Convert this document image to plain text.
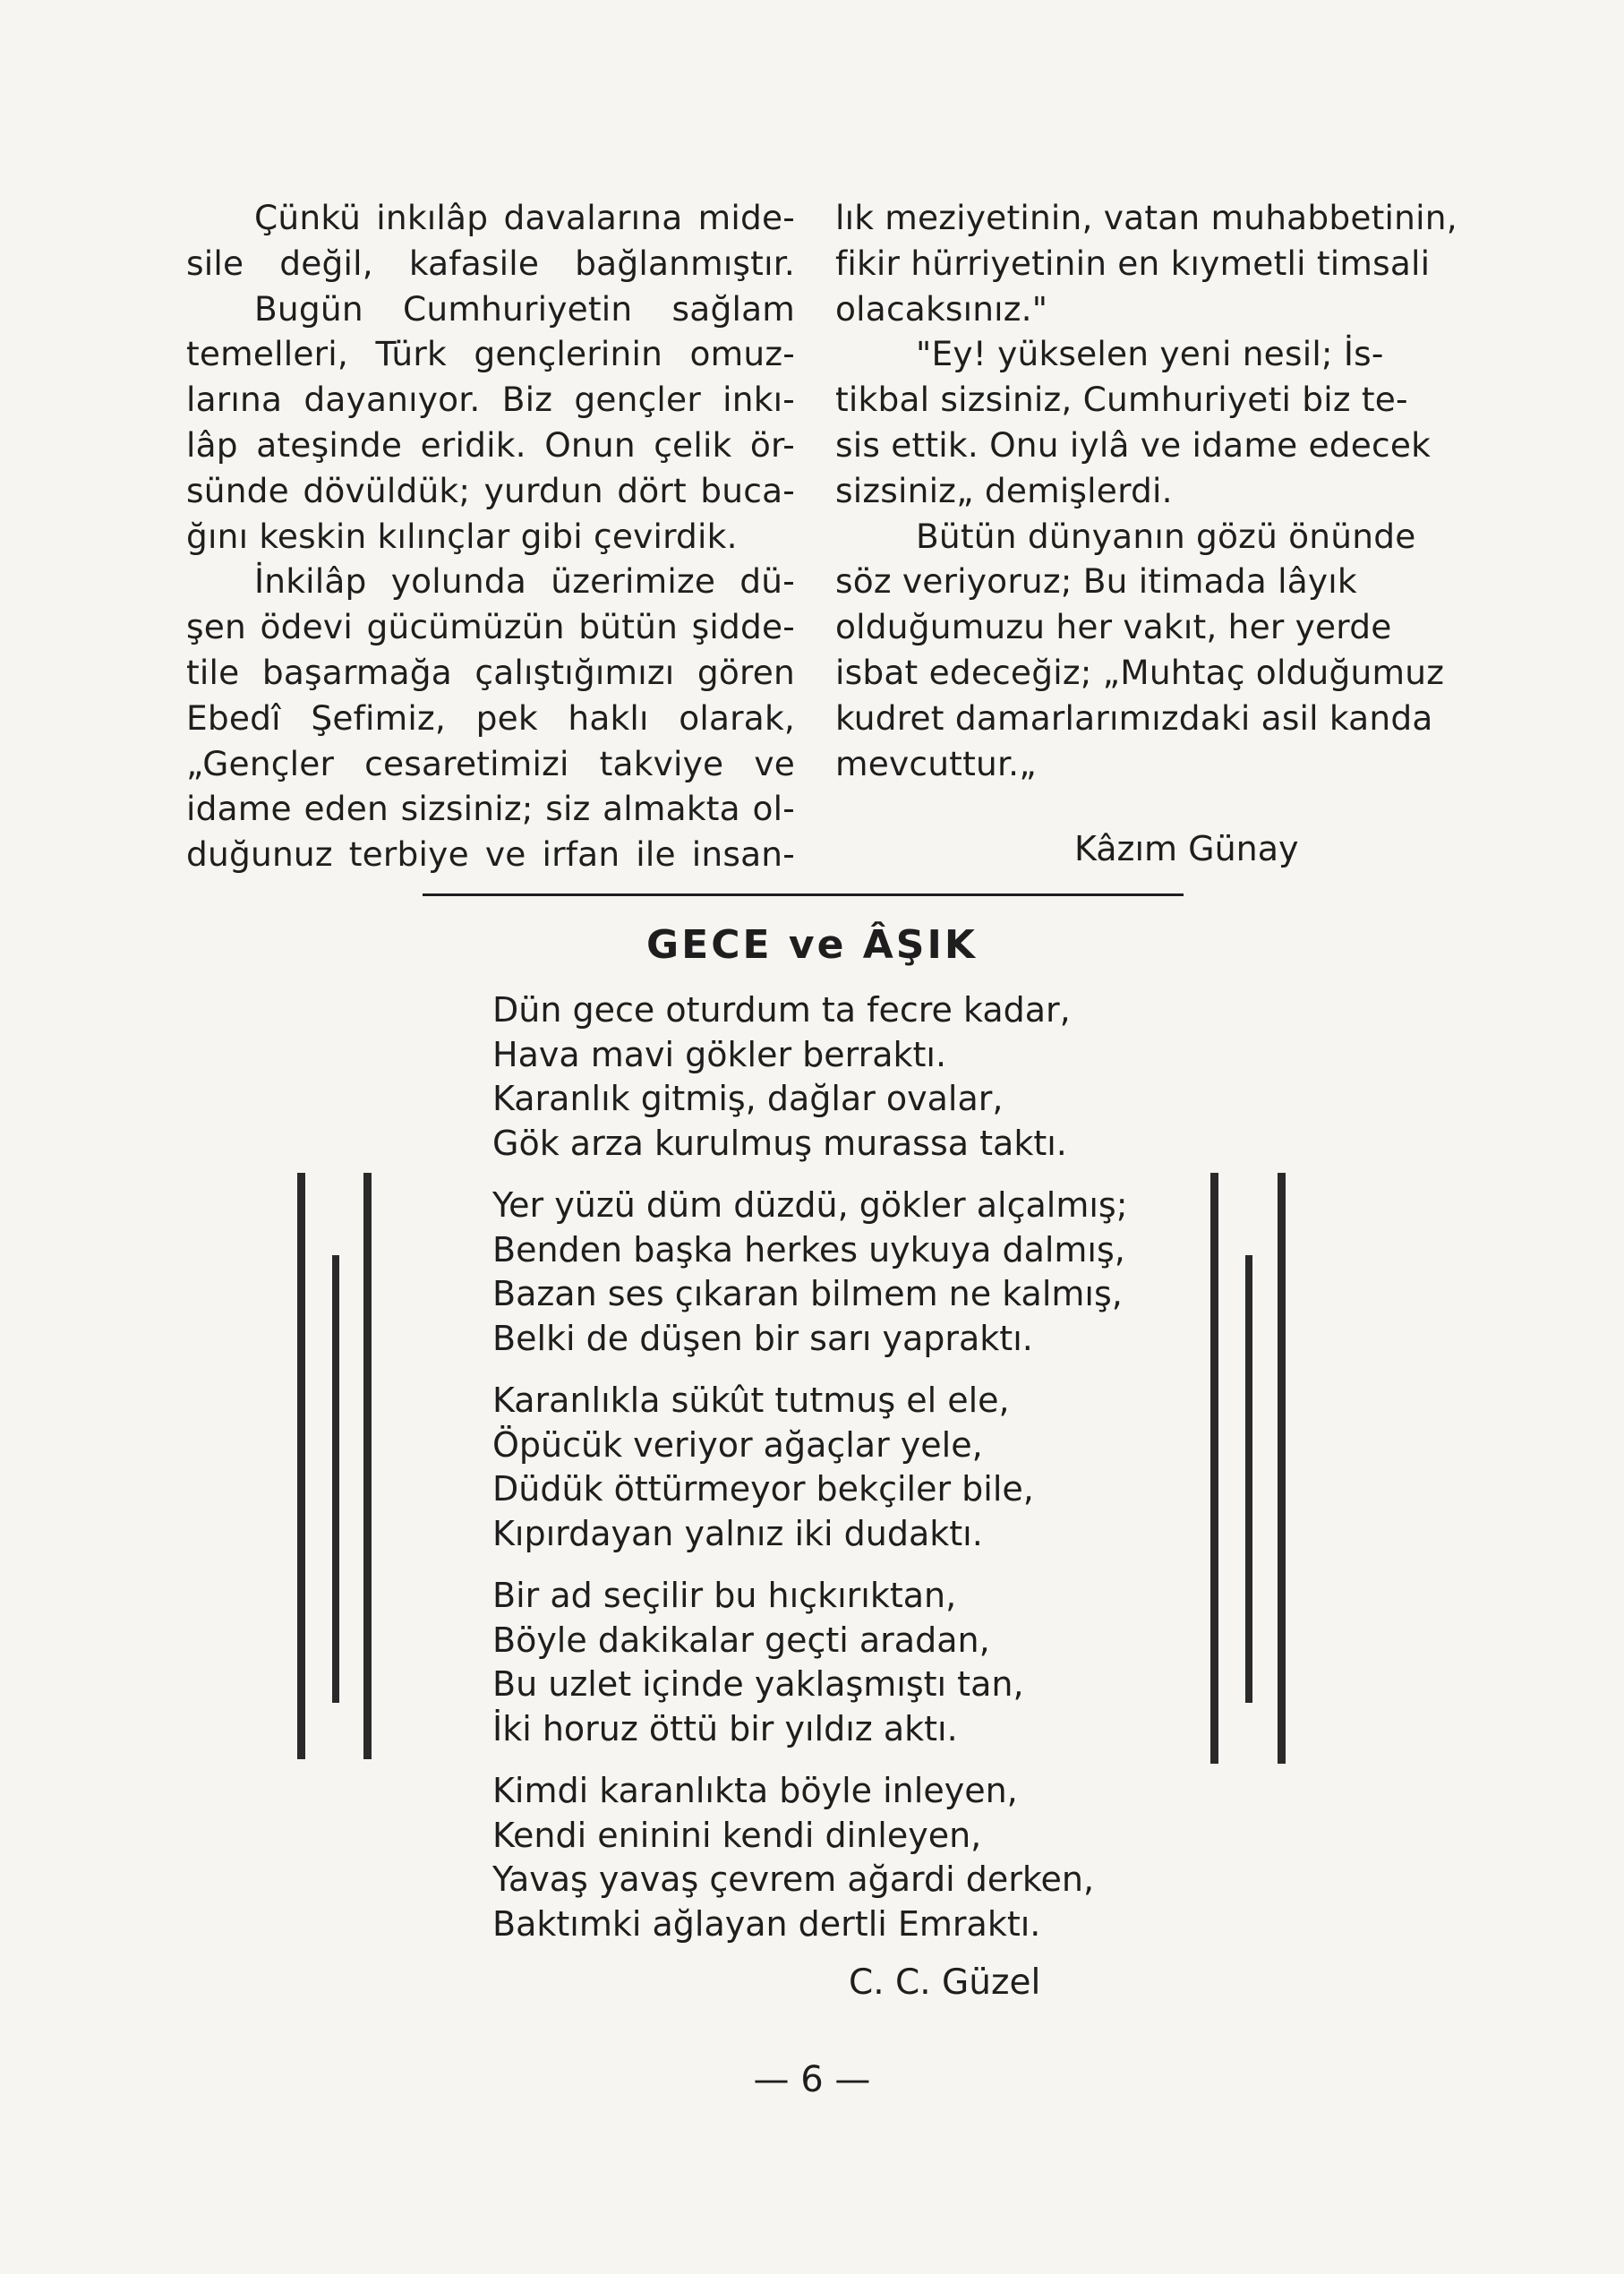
Çünkü inkılâp davalarına mide-
sile değil, kafasile bağlanmıştır.
Bugün Cumhuriyetin sağlam
temelleri, Türk gençlerinin omuz-
larına dayanıyor. Biz gençler inkı-
lâp ateşinde eridik. Onun çelik ör-
sünde dövüldük; yurdun dört buca-
ğını keskin kılınçlar gibi çevirdik.
İnkilâp yolunda üzerimize dü-
şen ödevi gücümüzün bütün şidde-
tile başarmağa çalıştığımızı gören
Ebedî Şefimiz, pek haklı olarak,
„Gençler cesaretimizi takviye ve
idame eden sizsiniz; siz almakta ol-
duğunuz terbiye ve irfan ile insan-
lık meziyetinin, vatan muhabbetinin,
fikir hürriyetinin en kıymetli timsali
olacaksınız."
"Ey! yükselen yeni nesil; İs-
tikbal sizsiniz, Cumhuriyeti biz te-
sis ettik. Onu iylâ ve idame edecek
sizsiniz„ demişlerdi.
Bütün dünyanın gözü önünde
söz veriyoruz; Bu itimada lâyık
olduğumuzu her vakıt, her yerde
isbat edeceğiz; „Muhtaç olduğumuz
kudret damarlarımızdaki asil kanda
mevcuttur.„
Kâzım Günay
GECE ve ÂŞIK
Dün gece oturdum ta fecre kadar,
Hava mavi gökler berraktı.
Karanlık gitmiş, dağlar ovalar,
Gök arza kurulmuş murassa taktı.
Yer yüzü düm düzdü, gökler alçalmış;
Benden başka herkes uykuya dalmış,
Bazan ses çıkaran bilmem ne kalmış,
Belki de düşen bir sarı yapraktı.
Karanlıkla sükût tutmuş el ele,
Öpücük veriyor ağaçlar yele,
Düdük öttürmeyor bekçiler bile,
Kıpırdayan yalnız iki dudaktı.
Bir ad seçilir bu hıçkırıktan,
Böyle dakikalar geçti aradan,
Bu uzlet içinde yaklaşmıştı tan,
İki horuz öttü bir yıldız aktı.
Kimdi karanlıkta böyle inleyen,
Kendi eninini kendi dinleyen,
Yavaş yavaş çevrem ağardi derken,
Baktımki ağlayan dertli Emraktı.
C. C. Güzel
— 6 —
